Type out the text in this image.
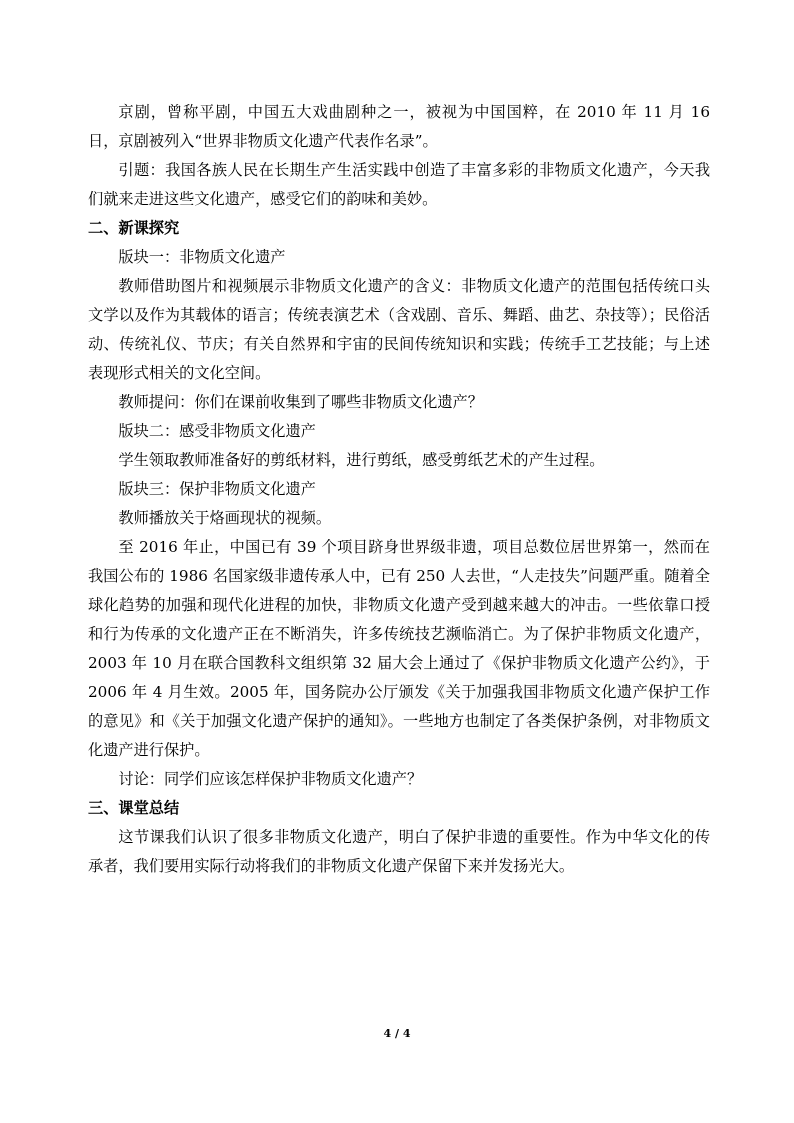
京剧，曾称平剧，中国五大戏曲剧种之一，被视为中国国粹，在 2010 年 11 月 16 日，京剧被列入“世界非物质文化遗产代表作名录”。

引题：我国各族人民在长期生产生活实践中创造了丰富多彩的非物质文化遗产，今天我们就来走进这些文化遗产，感受它们的韵味和美妙。

二、新课探究

版块一：非物质文化遗产

教师借助图片和视频展示非物质文化遗产的含义：非物质文化遗产的范围包括传统口头文学以及作为其载体的语言；传统表演艺术（含戏剧、音乐、舞蹈、曲艺、杂技等）；民俗活动、传统礼仪、节庆；有关自然界和宇宙的民间传统知识和实践；传统手工艺技能；与上述表现形式相关的文化空间。

教师提问：你们在课前收集到了哪些非物质文化遗产？

版块二：感受非物质文化遗产

学生领取教师准备好的剪纸材料，进行剪纸，感受剪纸艺术的产生过程。

版块三：保护非物质文化遗产

教师播放关于烙画现状的视频。

至 2016 年止，中国已有 39 个项目跻身世界级非遗，项目总数位居世界第一，然而在我国公布的 1986 名国家级非遗传承人中，已有 250 人去世，“人走技失”问题严重。随着全球化趋势的加强和现代化进程的加快，非物质文化遗产受到越来越大的冲击。一些依靠口授和行为传承的文化遗产正在不断消失，许多传统技艺濒临消亡。为了保护非物质文化遗产，2003 年 10 月在联合国教科文组织第 32 届大会上通过了《保护非物质文化遗产公约》，于 2006 年 4 月生效。2005 年，国务院办公厅颁发《关于加强我国非物质文化遗产保护工作的意见》和《关于加强文化遗产保护的通知》。一些地方也制定了各类保护条例，对非物质文化遗产进行保护。

讨论：同学们应该怎样保护非物质文化遗产？

三、课堂总结

这节课我们认识了很多非物质文化遗产，明白了保护非遗的重要性。作为中华文化的传承者，我们要用实际行动将我们的非物质文化遗产保留下来并发扬光大。

4 / 4
